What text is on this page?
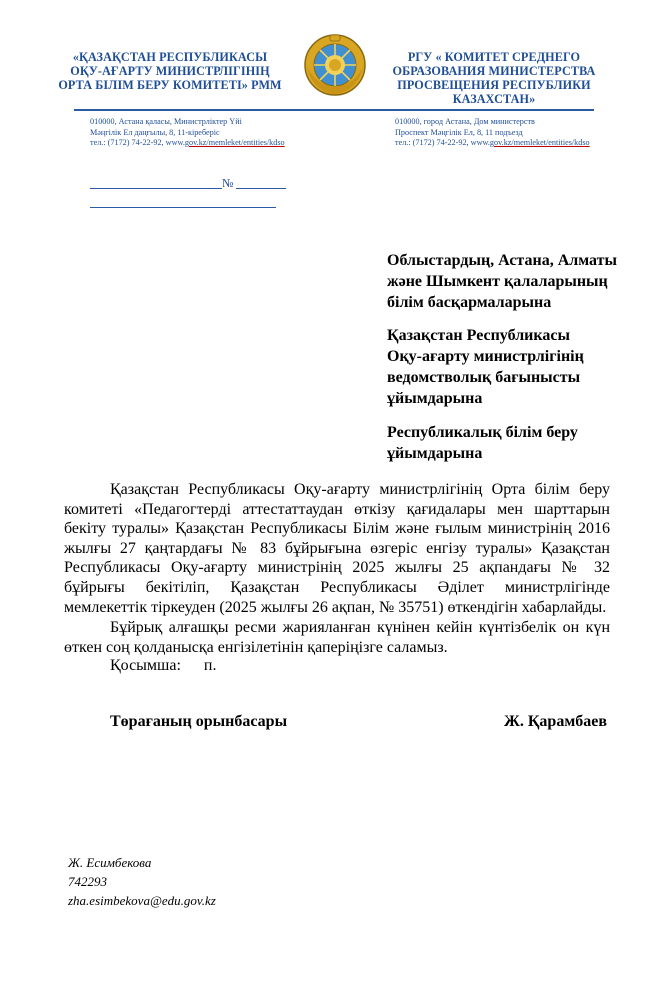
«ҚАЗАҚСТАН РЕСПУБЛИКАСЫ
ОҚУ-АҒАРТУ МИНИСТРЛІГІНІҢ
ОРТА БІЛІМ БЕРУ КОМИТЕТІ» РММ
РГУ « КОМИТЕТ СРЕДНЕГО
ОБРАЗОВАНИЯ МИНИСТЕРСТВА
ПРОСВЕЩЕНИЯ РЕСПУБЛИКИ
КАЗАХСТАН»
010000, Астана қаласы, Министрліктер Үйі
Мәңгілік Ел даңғылы, 8, 11-кіреберіс
тел.: (7172) 74-22-92, www.gov.kz/memleket/entities/kdso
010000, город Астана, Дом министерств
Проспект Мәңгілік Ел, 8, 11 подъезд
тел.: (7172) 74-22-92, www.gov.kz/memleket/entities/kdso
№
Облыстардың, Астана, Алматы
және Шымкент қалаларының
білім басқармаларына
Қазақстан Республикасы
Оқу-ағарту министрлігінің
ведомстволық бағынысты
ұйымдарына
Республикалық білім беру
ұйымдарына
Қазақстан Республикасы Оқу-ағарту министрлігінің Орта білім беру комитеті «Педагогтерді аттестаттаудан өткізу қағидалары мен шарттарын бекіту туралы» Қазақстан Республикасы Білім және ғылым министрінің 2016 жылғы 27 қаңтардағы № 83 бұйрығына өзгеріс енгізу туралы» Қазақстан Республикасы Оқу-ағарту министрінің 2025 жылғы 25 ақпандағы № 32 бұйрығы бекітіліп, Қазақстан Республикасы Әділет министрлігінде мемлекеттік тіркеуден (2025 жылғы 26 ақпан, № 35751) өткендігін хабарлайды.
Бұйрық алғашқы ресми жарияланған күнінен кейін күнтізбелік он күн өткен соң қолданысқа енгізілетінін қаперіңізге саламыз.
Қосымша: п.
Төрағаның орынбасары	Ж. Қарамбаев
Ж. Есимбекова
742293
zha.esimbekova@edu.gov.kz
